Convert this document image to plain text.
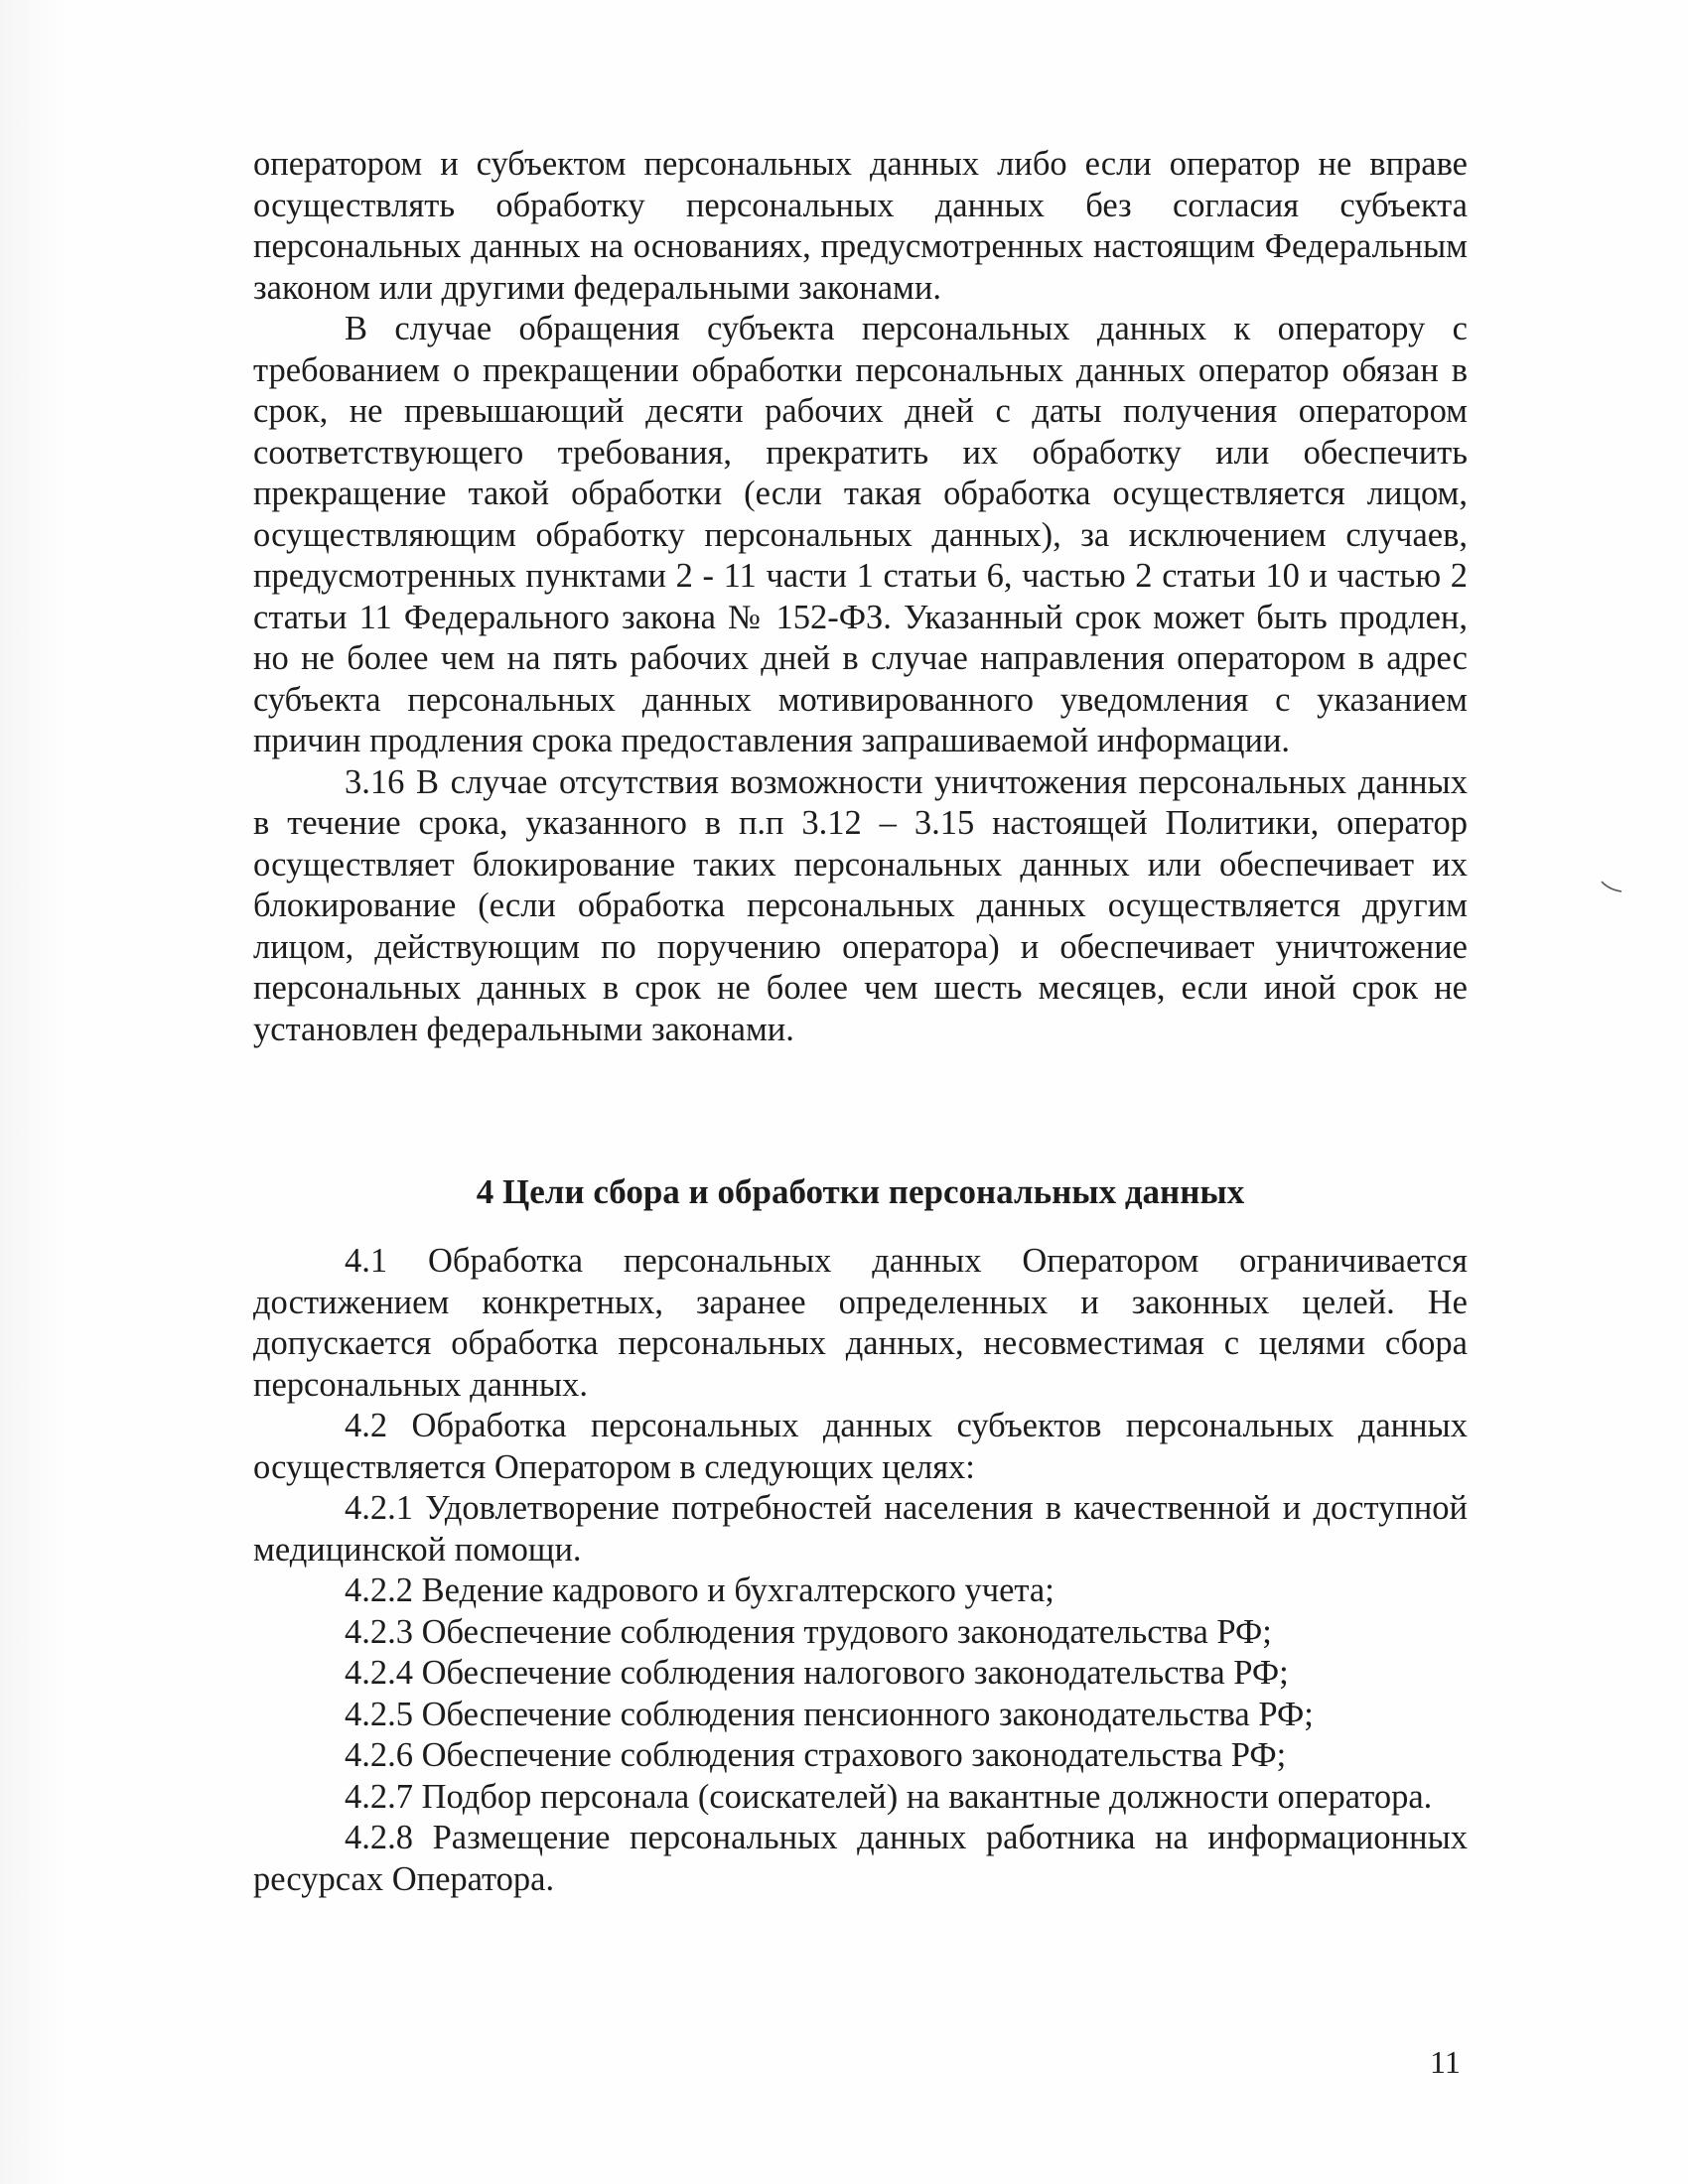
оператором и субъектом персональных данных либо если оператор не вправе осуществлять обработку персональных данных без согласия субъекта персональных данных на основаниях, предусмотренных настоящим Федеральным законом или другими федеральными законами.

В случае обращения субъекта персональных данных к оператору с требованием о прекращении обработки персональных данных оператор обязан в срок, не превышающий десяти рабочих дней с даты получения оператором соответствующего требования, прекратить их обработку или обеспечить прекращение такой обработки (если такая обработка осуществляется лицом, осуществляющим обработку персональных данных), за исключением случаев, предусмотренных пунктами 2 - 11 части 1 статьи 6, частью 2 статьи 10 и частью 2 статьи 11 Федерального закона № 152-ФЗ. Указанный срок может быть продлен, но не более чем на пять рабочих дней в случае направления оператором в адрес субъекта персональных данных мотивированного уведомления с указанием причин продления срока предоставления запрашиваемой информации.

3.16 В случае отсутствия возможности уничтожения персональных данных в течение срока, указанного в п.п 3.12 – 3.15 настоящей Политики, оператор осуществляет блокирование таких персональных данных или обеспечивает их блокирование (если обработка персональных данных осуществляется другим лицом, действующим по поручению оператора) и обеспечивает уничтожение персональных данных в срок не более чем шесть месяцев, если иной срок не установлен федеральными законами.

4 Цели сбора и обработки персональных данных

4.1 Обработка персональных данных Оператором ограничивается достижением конкретных, заранее определенных и законных целей. Не допускается обработка персональных данных, несовместимая с целями сбора персональных данных.

4.2 Обработка персональных данных субъектов персональных данных осуществляется Оператором в следующих целях:

4.2.1 Удовлетворение потребностей населения в качественной и доступной медицинской помощи.

4.2.2 Ведение кадрового и бухгалтерского учета;

4.2.3 Обеспечение соблюдения трудового законодательства РФ;

4.2.4 Обеспечение соблюдения налогового законодательства РФ;

4.2.5 Обеспечение соблюдения пенсионного законодательства РФ;

4.2.6 Обеспечение соблюдения страхового законодательства РФ;

4.2.7 Подбор персонала (соискателей) на вакантные должности оператора.

4.2.8 Размещение персональных данных работника на информационных ресурсах Оператора.

11
